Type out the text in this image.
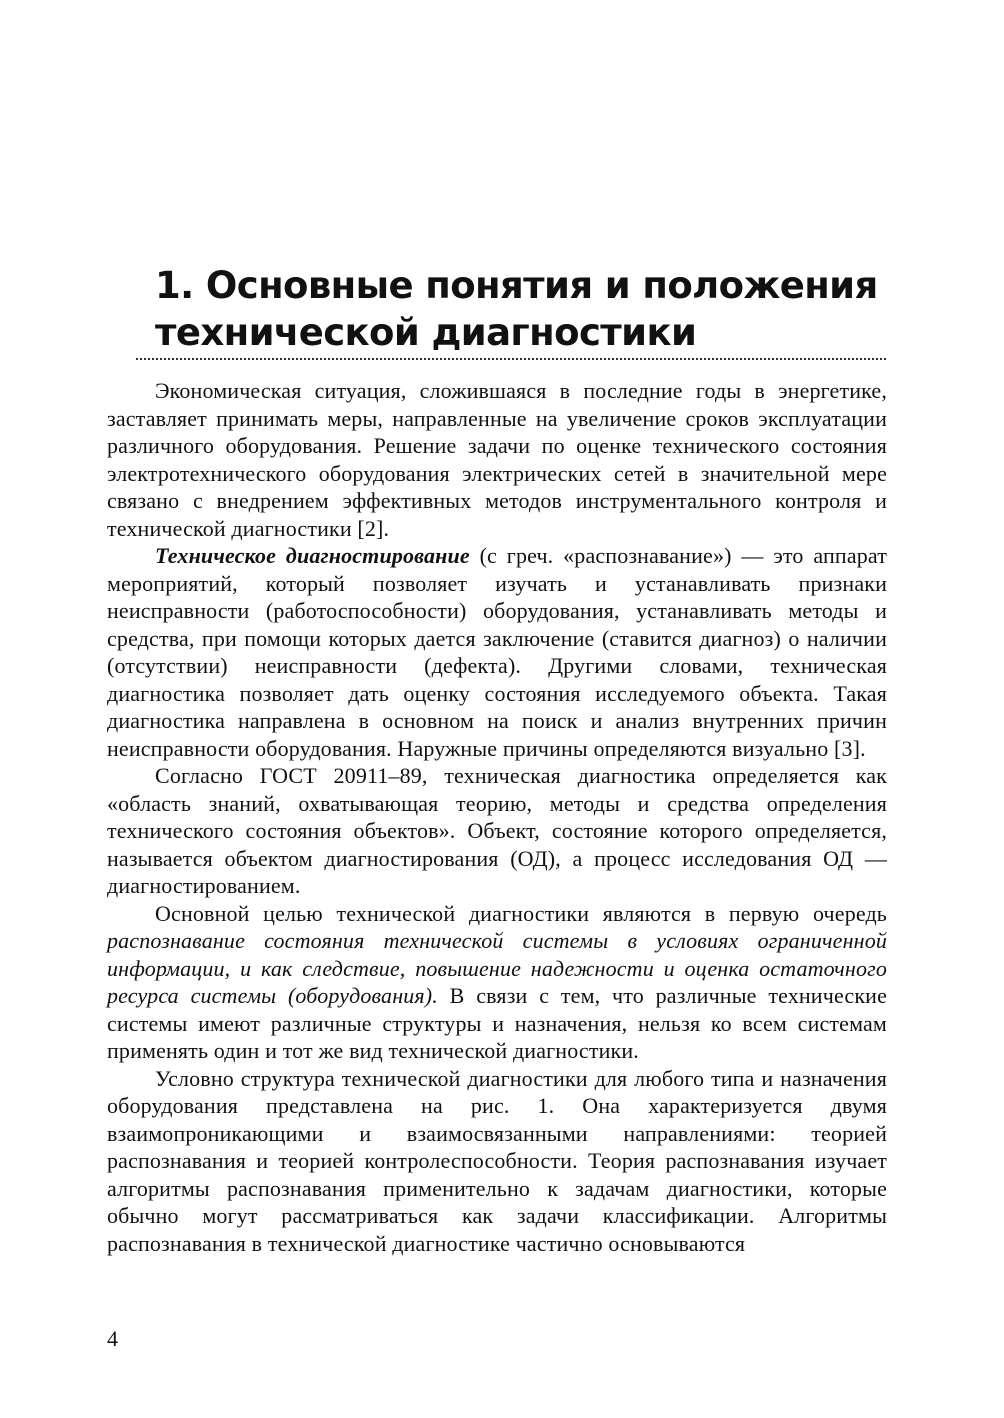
1. Основные понятия и положения
технической диагностики

Экономическая ситуация, сложившаяся в последние годы в энергетике, заставляет принимать меры, направленные на увеличение сроков эксплуатации различного оборудования. Решение задачи по оценке технического состояния электротехнического оборудования электрических сетей в значительной мере связано с внедрением эффективных методов инструментального контроля и технической диагностики [2].

Техническое диагностирование (с греч. «распознавание») — это аппарат мероприятий, который позволяет изучать и устанавливать признаки неисправности (работоспособности) оборудования, устанавливать методы и средства, при помощи которых дается заключение (ставится диагноз) о наличии (отсутствии) неисправности (дефекта). Другими словами, техническая диагностика позволяет дать оценку состояния исследуемого объекта. Такая диагностика направлена в основном на поиск и анализ внутренних причин неисправности оборудования. Наружные причины определяются визуально [3].

Согласно ГОСТ 20911–89, техническая диагностика определяется как «область знаний, охватывающая теорию, методы и средства определения технического состояния объектов». Объект, состояние которого определяется, называется объектом диагностирования (ОД), а процесс исследования ОД — диагностированием.

Основной целью технической диагностики являются в первую очередь распознавание состояния технической системы в условиях ограниченной информации, и как следствие, повышение надежности и оценка остаточного ресурса системы (оборудования). В связи с тем, что различные технические системы имеют различные структуры и назначения, нельзя ко всем системам применять один и тот же вид технической диагностики.

Условно структура технической диагностики для любого типа и назначения оборудования представлена на рис. 1. Она характеризуется двумя взаимопроникающими и взаимосвязанными направлениями: теорией распознавания и теорией контролеспособности. Теория распознавания изучает алгоритмы распознавания применительно к задачам диагностики, которые обычно могут рассматриваться как задачи классификации. Алгоритмы распознавания в технической диагностике частично основываются

4
